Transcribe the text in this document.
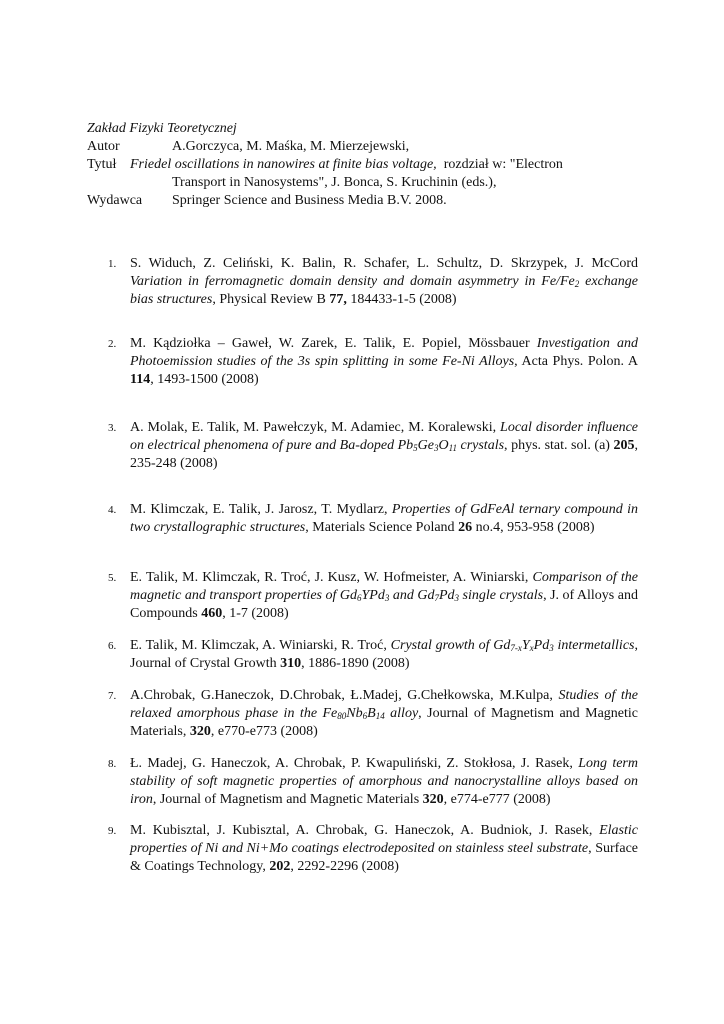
Zakład Fizyki Teoretycznej
Autor	A.Gorczyca, M. Maśka, M. Mierzejewski,
Tytuł Friedel oscillations in nanowires at finite bias voltage, rozdział w: "Electron
Transport in Nanosystems", J. Bonca, S. Kruchinin (eds.),
Wydawca	Springer Science and Business Media B.V. 2008.
1. S. Widuch, Z. Celiński, K. Balin, R. Schafer, L. Schultz, D. Skrzypek, J. McCord Variation in ferromagnetic domain density and domain asymmetry in $Fe/Fe_2$ exchange bias structures, Physical Review B 77, 184433-1-5 (2008)
2. M. Kądziołka – Gaweł, W. Zarek, E. Talik, E. Popiel, Mössbauer Investigation and Photoemission studies of the 3s spin splitting in some Fe-Ni Alloys, Acta Phys. Polon. A 114, 1493-1500 (2008)
3. A. Molak, E. Talik, M. Pawełczyk, M. Adamiec, M. Koralewski, Local disorder influence on electrical phenomena of pure and Ba-doped $Pb_5Ge_3O_{11}$ crystals, phys. stat. sol. (a) 205, 235-248 (2008)
4. M. Klimczak, E. Talik, J. Jarosz, T. Mydlarz, Properties of GdFeAl ternary compound in two crystallographic structures, Materials Science Poland 26 no.4, 953-958 (2008)
5. E. Talik, M. Klimczak, R. Troć, J. Kusz, W. Hofmeister, A. Winiarski, Comparison of the magnetic and transport properties of $Gd_6YPd_3$ and $Gd_7Pd_3$ single crystals, J. of Alloys and Compounds 460, 1-7 (2008)
6. E. Talik, M. Klimczak, A. Winiarski, R. Troć, Crystal growth of $Gd_{7-x}Y_xPd_3$ intermetallics, Journal of Crystal Growth 310, 1886-1890 (2008)
7. A.Chrobak, G.Haneczok, D.Chrobak, Ł.Madej, G.Chełkowska, M.Kulpa, Studies of the relaxed amorphous phase in the $Fe_{80}Nb_6B_{14}$ alloy, Journal of Magnetism and Magnetic Materials, 320, e770-e773 (2008)
8. Ł. Madej, G. Haneczok, A. Chrobak, P. Kwapuliński, Z. Stokłosa, J. Rasek, Long term stability of soft magnetic properties of amorphous and nanocrystalline alloys based on iron, Journal of Magnetism and Magnetic Materials 320, e774-e777 (2008)
9. M. Kubisztal, J. Kubisztal, A. Chrobak, G. Haneczok, A. Budniok, J. Rasek, Elastic properties of Ni and Ni+Mo coatings electrodeposited on stainless steel substrate, Surface & Coatings Technology, 202, 2292-2296 (2008)
